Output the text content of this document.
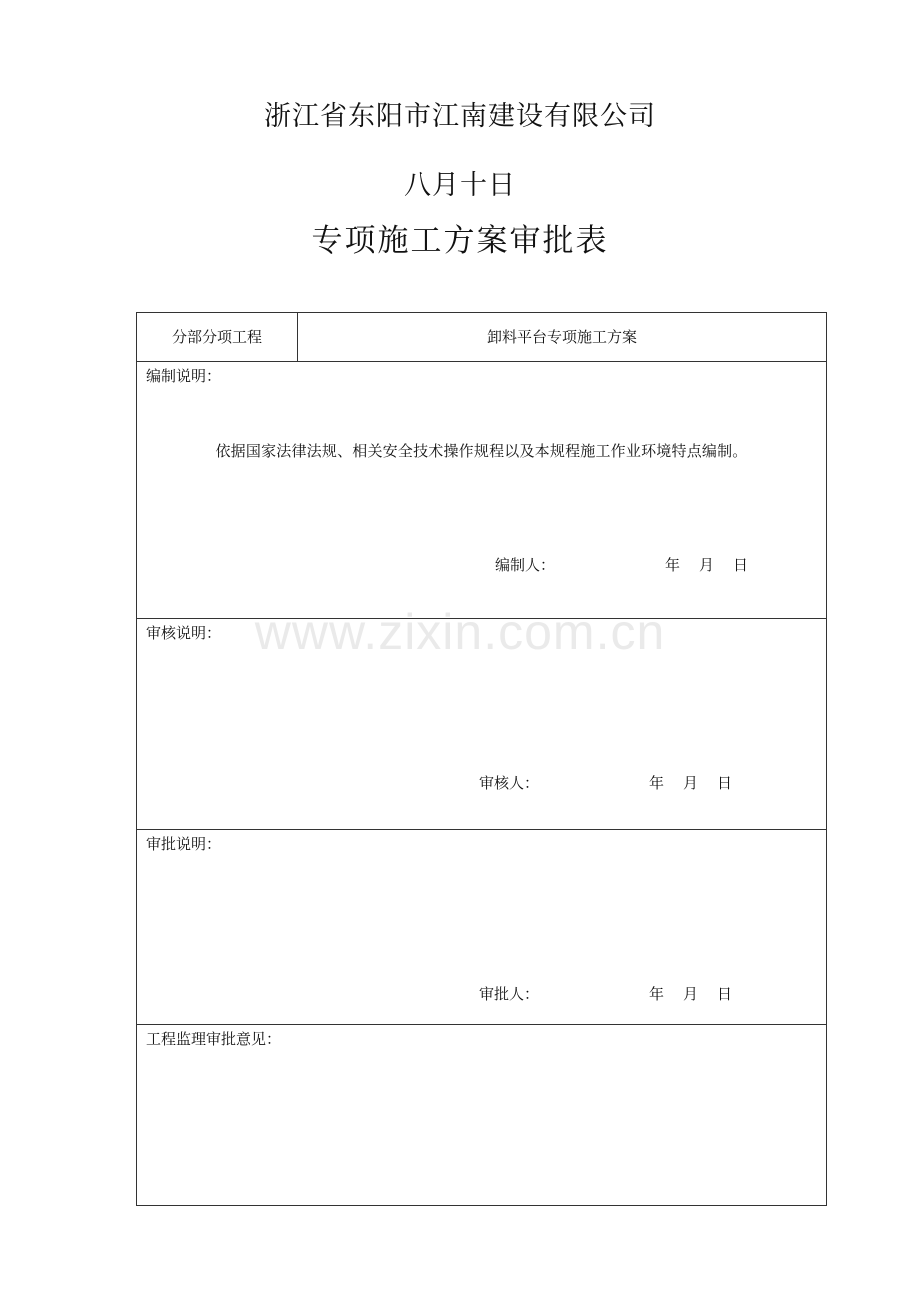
浙江省东阳市江南建设有限公司
八月十日
专项施工方案审批表
分部分项工程	卸料平台专项施工方案
编制说明：
依据国家法律法规、相关安全技术操作规程以及本规程施工作业环境特点编制。
编制人：	年 月 日
审核说明：
审核人：	年 月 日
审批说明：
审批人：	年 月 日
工程监理审批意见：
www.zixin.com.cn
